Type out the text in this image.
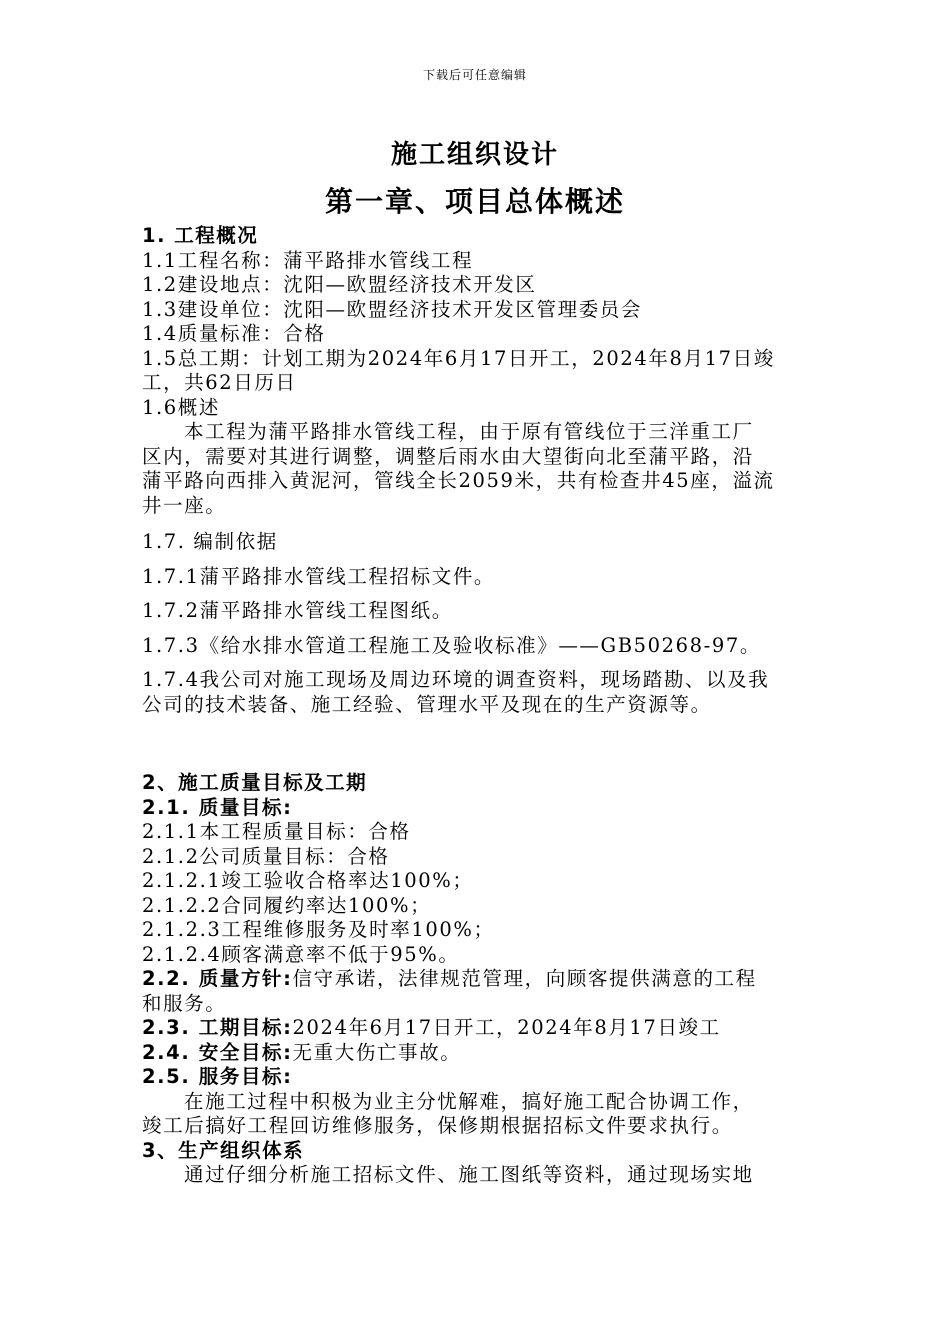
下载后可任意编辑
施工组织设计
第一章、项目总体概述
1. 工程概况
1.1工程名称：蒲平路排水管线工程
1.2建设地点：沈阳—欧盟经济技术开发区
1.3建设单位：沈阳—欧盟经济技术开发区管理委员会
1.4质量标准：合格
1.5总工期：计划工期为2024年6月17日开工，2024年8月17日竣
工，共62日历日
1.6概述
本工程为蒲平路排水管线工程，由于原有管线位于三洋重工厂
区内，需要对其进行调整，调整后雨水由大望街向北至蒲平路，沿
蒲平路向西排入黄泥河，管线全长2059米，共有检查井45座，溢流
井一座。
1.7. 编制依据
1.7.1蒲平路排水管线工程招标文件。
1.7.2蒲平路排水管线工程图纸。
1.7.3《给水排水管道工程施工及验收标准》——GB50268-97。
1.7.4我公司对施工现场及周边环境的调查资料，现场踏勘、以及我
公司的技术装备、施工经验、管理水平及现在的生产资源等。
2、施工质量目标及工期
2.1. 质量目标:
2.1.1本工程质量目标：合格
2.1.2公司质量目标：合格
2.1.2.1竣工验收合格率达100%；
2.1.2.2合同履约率达100%；
2.1.2.3工程维修服务及时率100%；
2.1.2.4顾客满意率不低于95%。
2.2. 质量方针:信守承诺，法律规范管理，向顾客提供满意的工程
和服务。
2.3. 工期目标:2024年6月17日开工，2024年8月17日竣工
2.4. 安全目标:无重大伤亡事故。
2.5. 服务目标:
在施工过程中积极为业主分忧解难，搞好施工配合协调工作，
竣工后搞好工程回访维修服务，保修期根据招标文件要求执行。
3、生产组织体系
通过仔细分析施工招标文件、施工图纸等资料，通过现场实地
